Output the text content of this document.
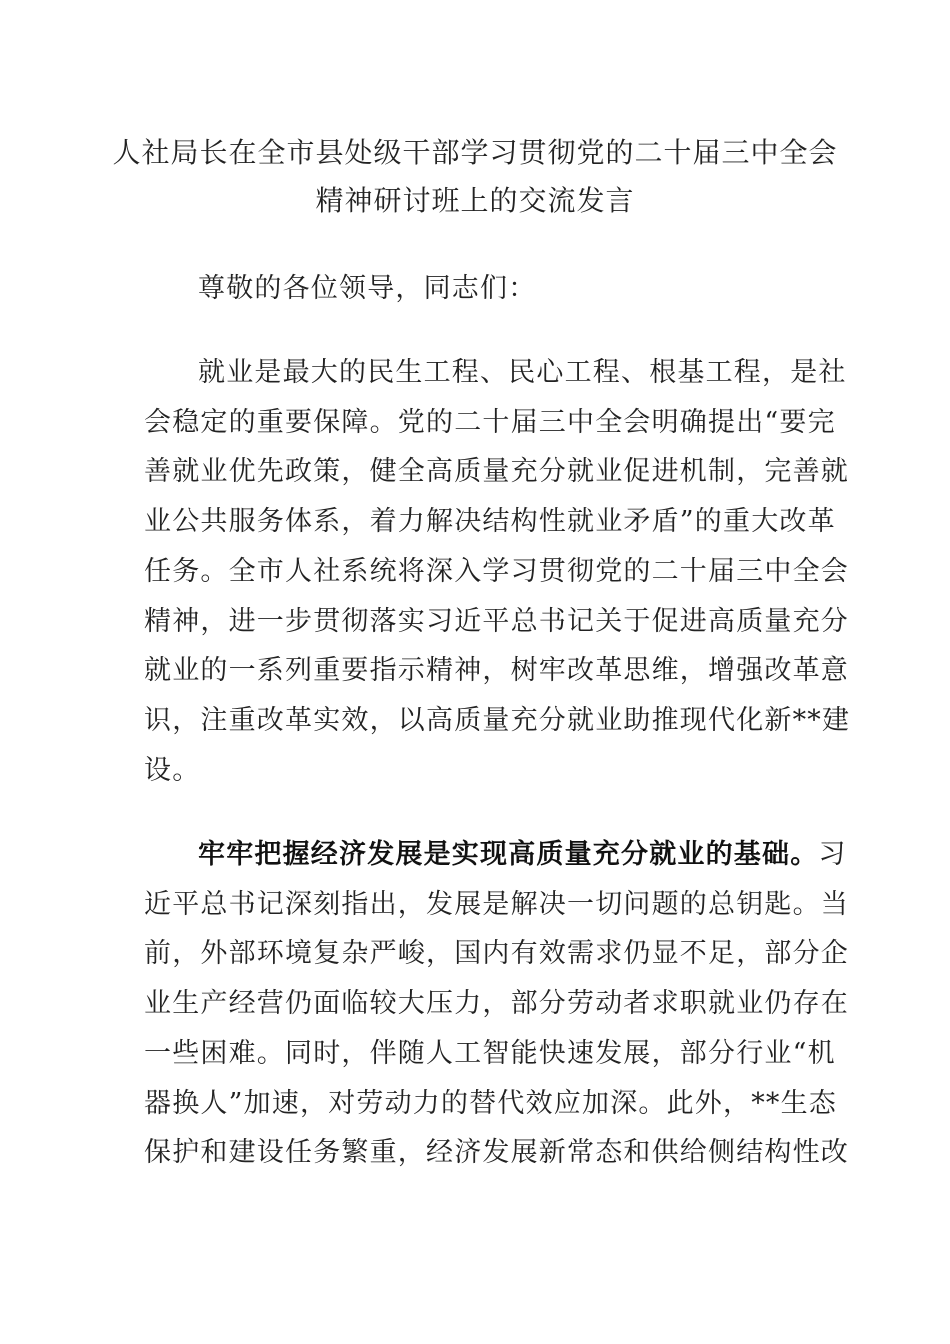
人社局长在全市县处级干部学习贯彻党的二十届三中全会
精神研讨班上的交流发言

尊敬的各位领导，同志们：

就业是最大的民生工程、民心工程、根基工程，是社
会稳定的重要保障。党的二十届三中全会明确提出“要完
善就业优先政策，健全高质量充分就业促进机制，完善就
业公共服务体系，着力解决结构性就业矛盾”的重大改革
任务。全市人社系统将深入学习贯彻党的二十届三中全会
精神，进一步贯彻落实习近平总书记关于促进高质量充分
就业的一系列重要指示精神，树牢改革思维，增强改革意
识，注重改革实效，以高质量充分就业助推现代化新**建
设。

牢牢把握经济发展是实现高质量充分就业的基础。习
近平总书记深刻指出，发展是解决一切问题的总钥匙。当
前，外部环境复杂严峻，国内有效需求仍显不足，部分企
业生产经营仍面临较大压力，部分劳动者求职就业仍存在
一些困难。同时，伴随人工智能快速发展，部分行业“机
器换人”加速，对劳动力的替代效应加深。此外，**生态
保护和建设任务繁重，经济发展新常态和供给侧结构性改
